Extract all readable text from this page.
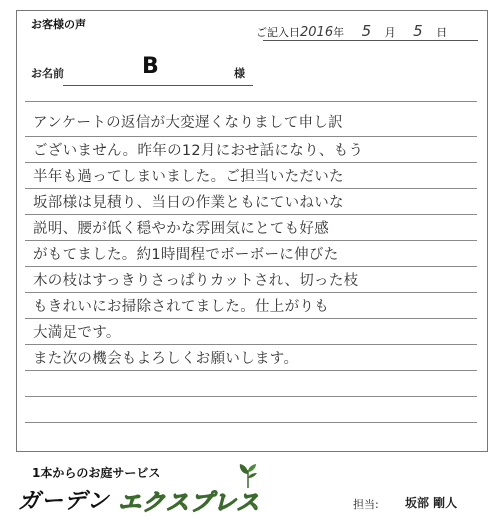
お客様の声
ご記入日2016年 5 月 5 日
お名前	B	様
アンケートの返信が大変遅くなりまして申し訳
ございません。昨年の12月におせ話になり、もう
半年も過ってしまいました。ご担当いただいた
坂部様は見積り、当日の作業ともにていねいな
説明、腰が低く穏やかな雰囲気にとても好感
がもてました。約1時間程でボーボーに伸びた
木の枝はすっきりさっぱりカットされ、切った枝
もきれいにお掃除されてました。仕上がりも
大満足です。
また次の機会もよろしくお願いします。
1本からのお庭サービス
ガーデン エクスプレス	担当: 坂部 剛人
